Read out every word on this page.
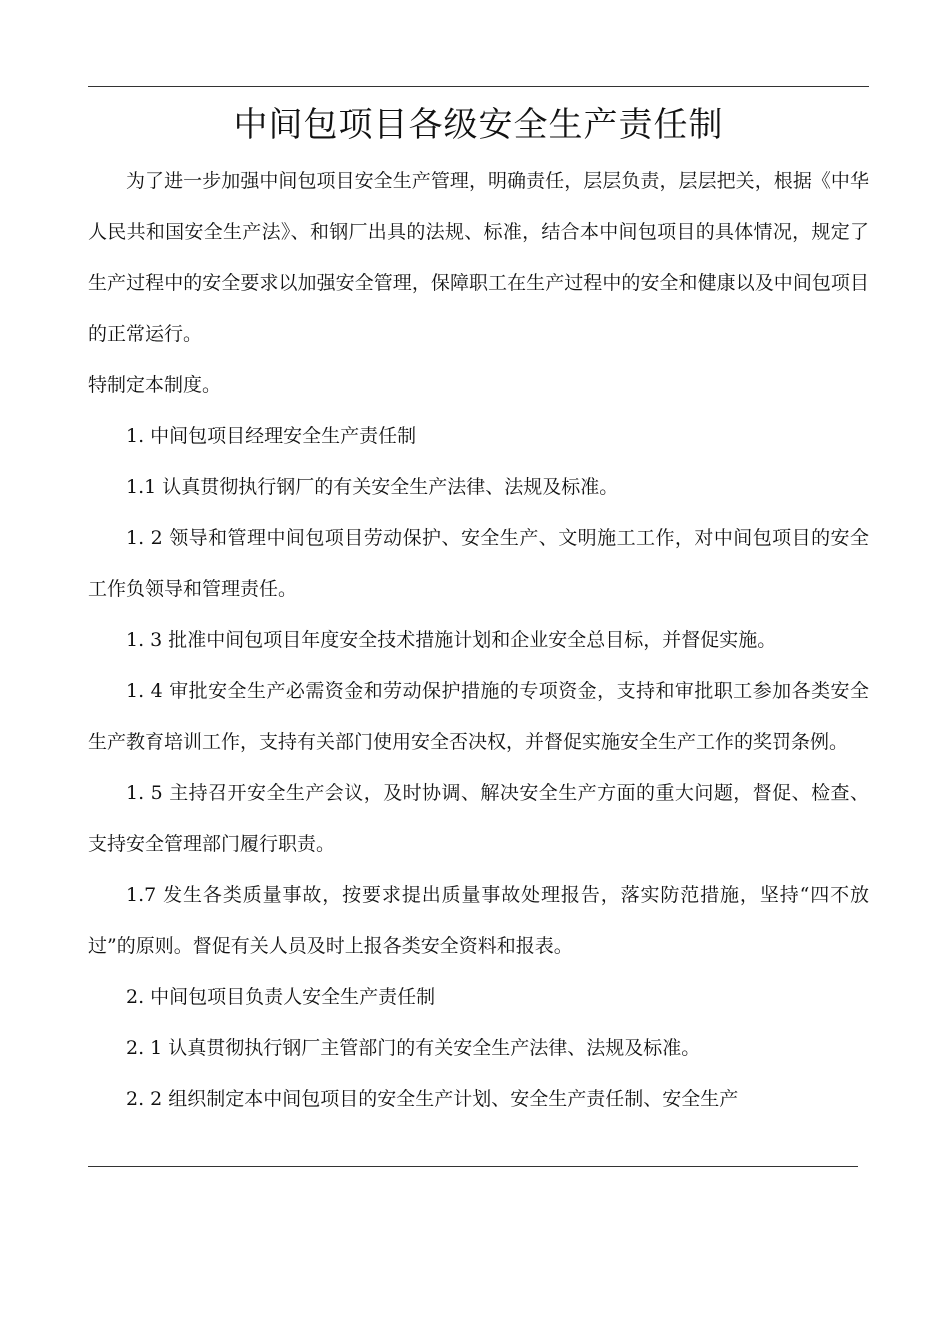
中间包项目各级安全生产责任制

为了进一步加强中间包项目安全生产管理，明确责任，层层负责，层层把关，根据《中华人民共和国安全生产法》、和钢厂出具的法规、标准，结合本中间包项目的具体情况，规定了生产过程中的安全要求以加强安全管理，保障职工在生产过程中的安全和健康以及中间包项目的正常运行。

特制定本制度。

1. 中间包项目经理安全生产责任制

1.1 认真贯彻执行钢厂的有关安全生产法律、法规及标准。

1. 2 领导和管理中间包项目劳动保护、安全生产、文明施工工作，对中间包项目的安全工作负领导和管理责任。

1. 3 批准中间包项目年度安全技术措施计划和企业安全总目标，并督促实施。

1. 4 审批安全生产必需资金和劳动保护措施的专项资金，支持和审批职工参加各类安全生产教育培训工作，支持有关部门使用安全否决权，并督促实施安全生产工作的奖罚条例。

1. 5 主持召开安全生产会议，及时协调、解决安全生产方面的重大问题，督促、检查、支持安全管理部门履行职责。

1.7 发生各类质量事故，按要求提出质量事故处理报告，落实防范措施，坚持“四不放过”的原则。督促有关人员及时上报各类安全资料和报表。

2. 中间包项目负责人安全生产责任制

2. 1 认真贯彻执行钢厂主管部门的有关安全生产法律、法规及标准。

2. 2 组织制定本中间包项目的安全生产计划、安全生产责任制、安全生产
